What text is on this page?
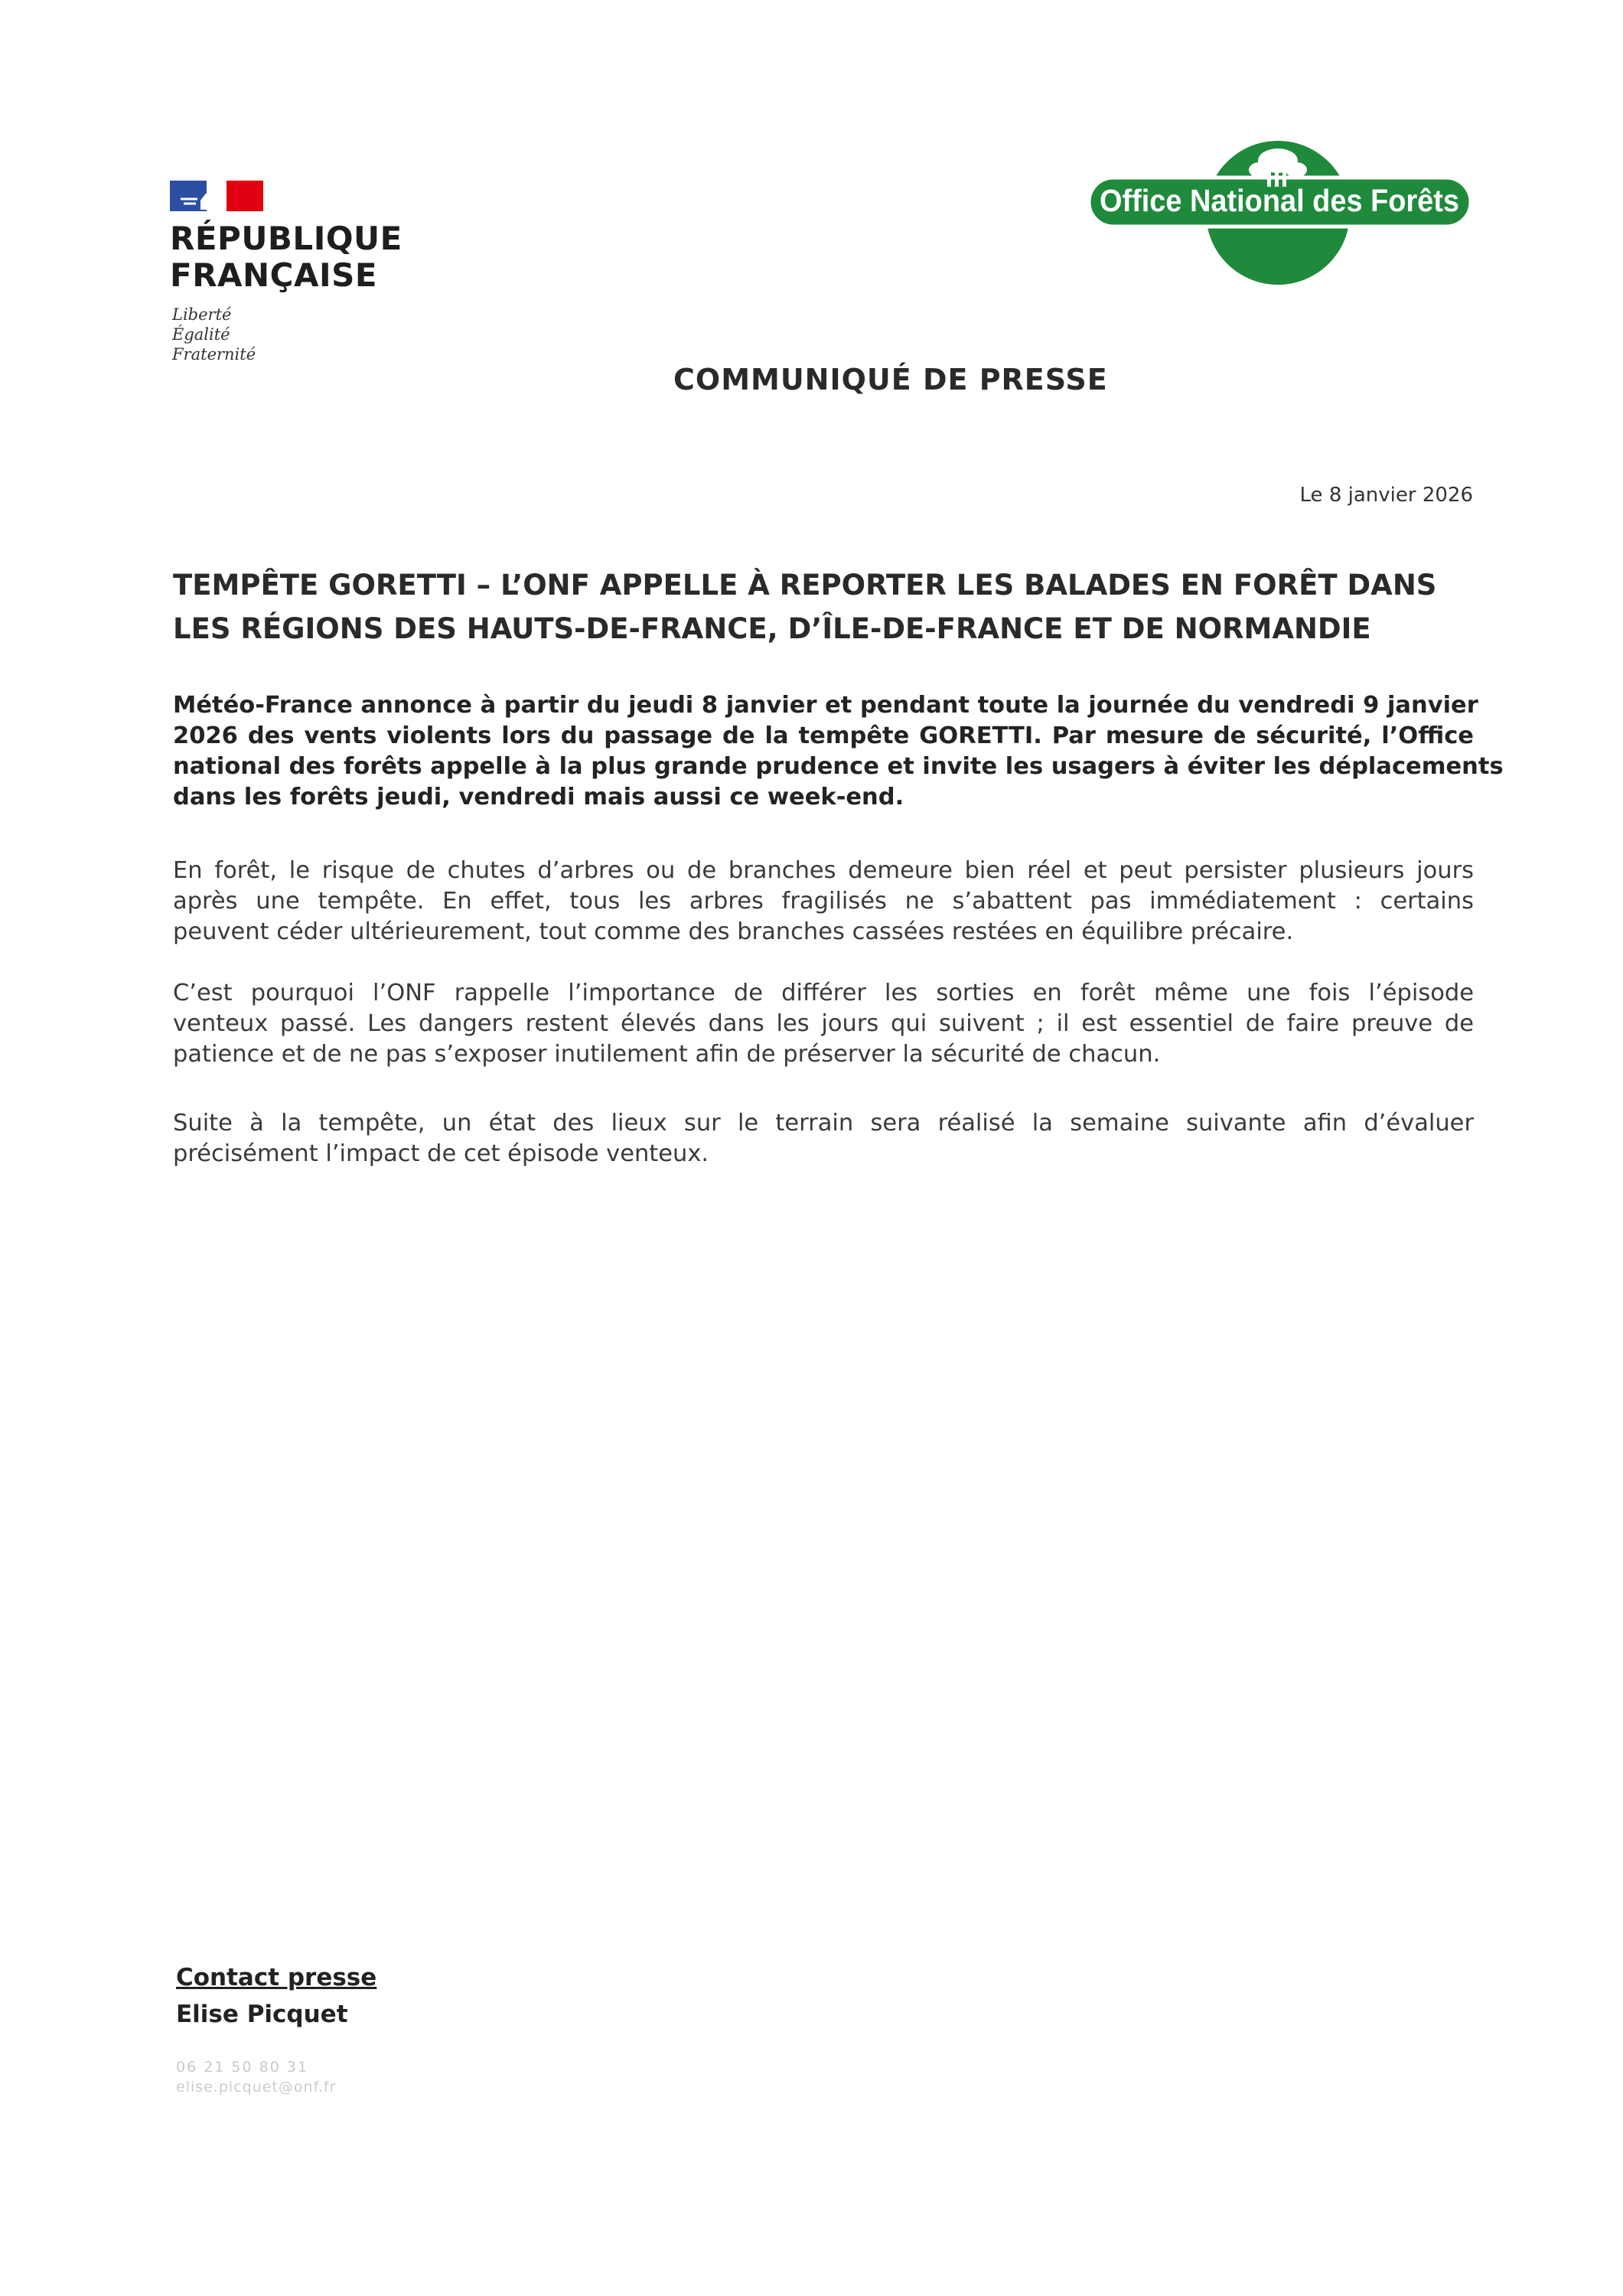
RÉPUBLIQUE
FRANÇAISE
Liberté
Égalité
Fraternité
Office National des Forêts
COMMUNIQUÉ DE PRESSE
Le 8 janvier 2026
TEMPÊTE GORETTI – L’ONF APPELLE À REPORTER LES BALADES EN FORÊT DANS
LES RÉGIONS DES HAUTS-DE-FRANCE, D’ÎLE-DE-FRANCE ET DE NORMANDIE
Météo-France annonce à partir du jeudi 8 janvier et pendant toute la journée du vendredi 9 janvier
2026 des vents violents lors du passage de la tempête GORETTI. Par mesure de sécurité, l’Office
national des forêts appelle à la plus grande prudence et invite les usagers à éviter les déplacements
dans les forêts jeudi, vendredi mais aussi ce week-end.
En forêt, le risque de chutes d’arbres ou de branches demeure bien réel et peut persister plusieurs jours
après une tempête. En effet, tous les arbres fragilisés ne s’abattent pas immédiatement : certains
peuvent céder ultérieurement, tout comme des branches cassées restées en équilibre précaire.
C’est pourquoi l’ONF rappelle l’importance de différer les sorties en forêt même une fois l’épisode
venteux passé. Les dangers restent élevés dans les jours qui suivent ; il est essentiel de faire preuve de
patience et de ne pas s’exposer inutilement afin de préserver la sécurité de chacun.
Suite à la tempête, un état des lieux sur le terrain sera réalisé la semaine suivante afin d’évaluer
précisément l’impact de cet épisode venteux.
Contact presse
Elise Picquet
06 21 50 80 31
elise.picquet@onf.fr
